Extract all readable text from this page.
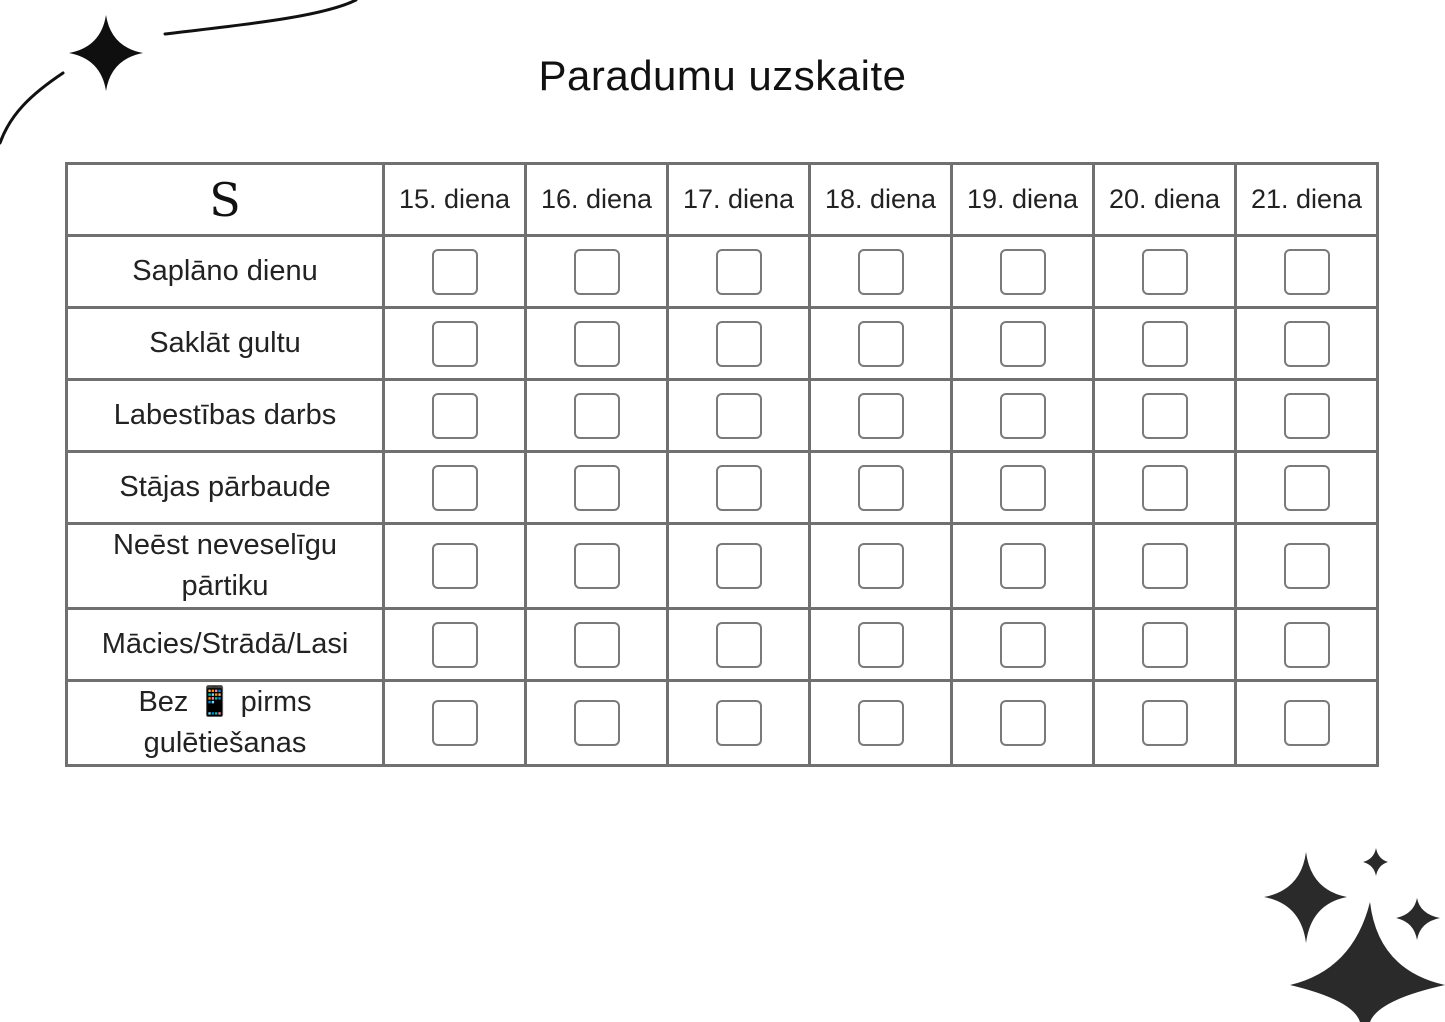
Paradumu uzskaite
S	15. diena	16. diena	17. diena	18. diena	19. diena	20. diena	21. diena
Saplāno dienu							
Saklāt gultu							
Labestības darbs							
Stājas pārbaude							
Neēst neveselīgu pārtiku							
Mācies/Strādā/Lasi							
Bez 📱 pirms gulētiešanas							
